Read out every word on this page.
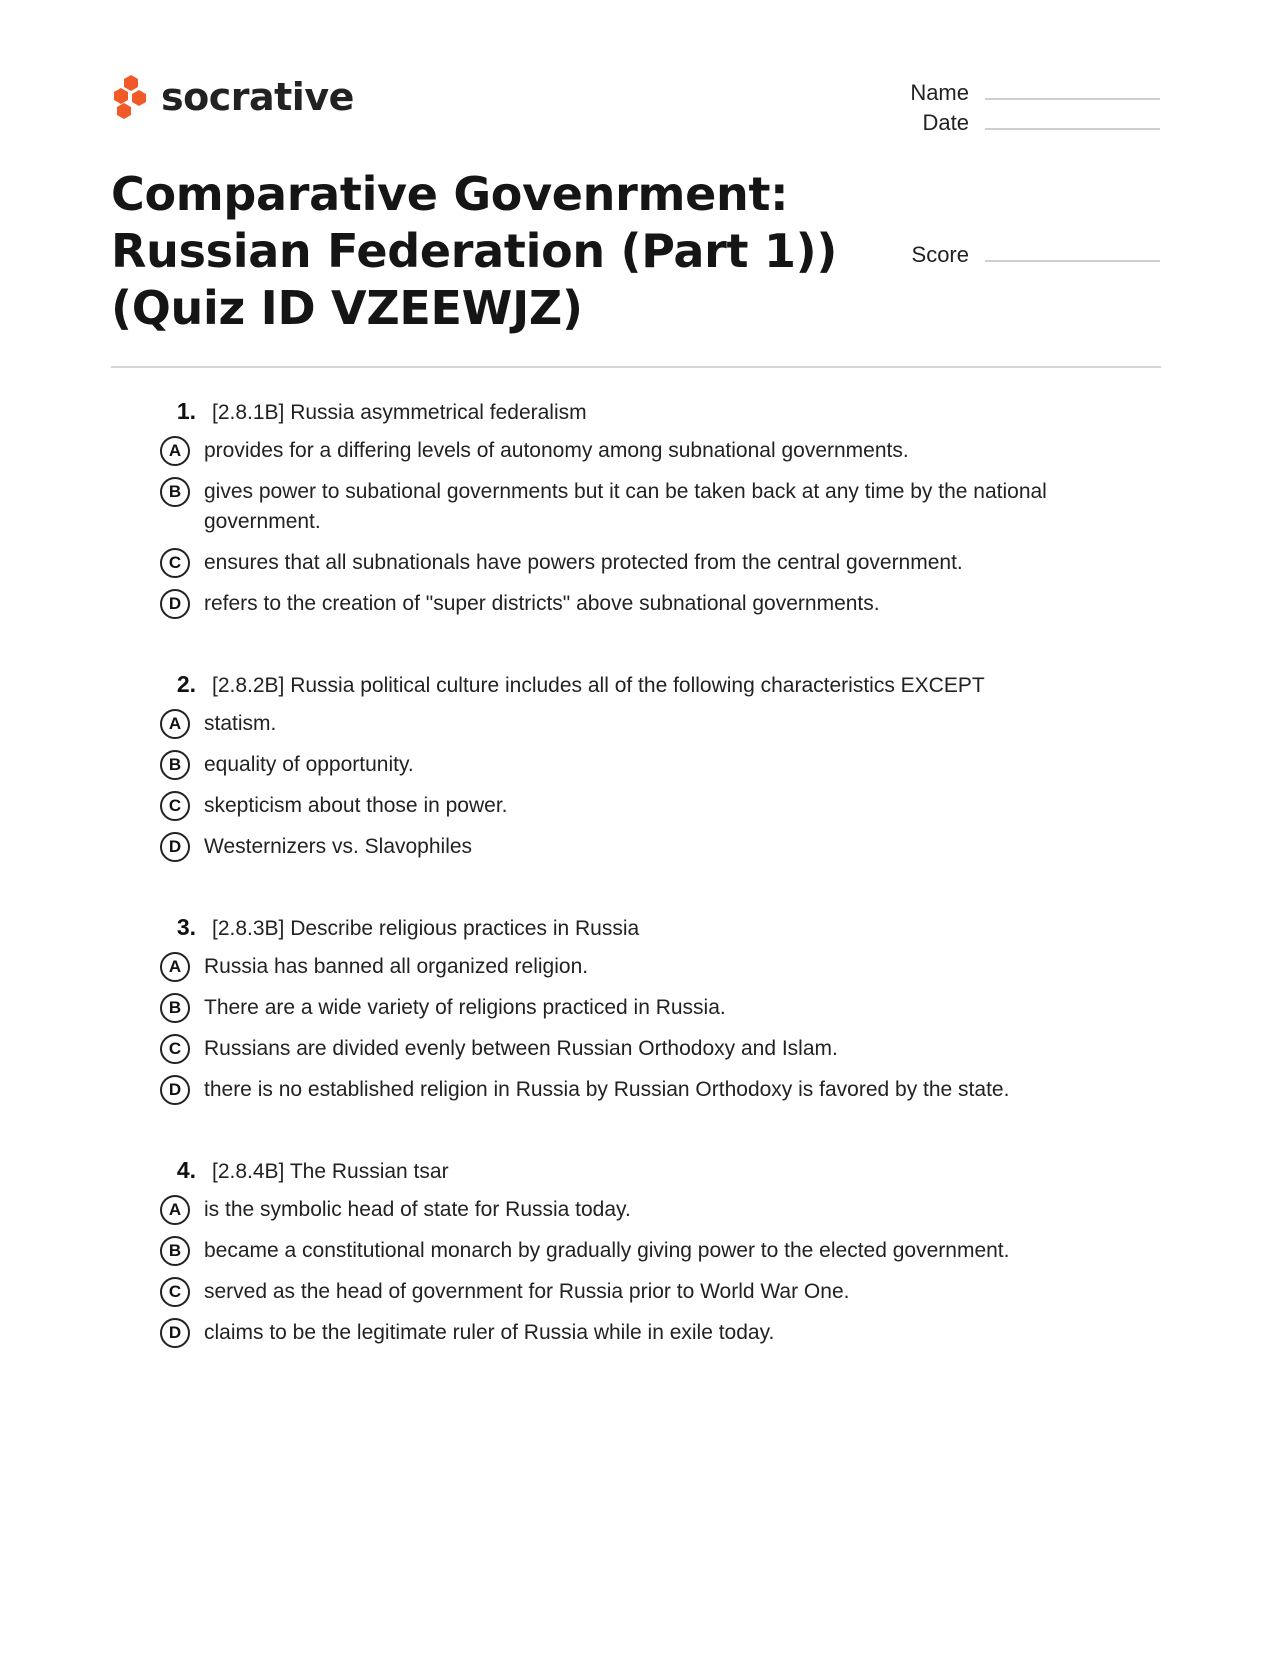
socrative	Name
Date
Comparative Govenrment: Russian Federation (Part 1)) (Quiz ID VZEEWJZ)
Score
1. [2.8.1B] Russia asymmetrical federalism
A	provides for a differing levels of autonomy among subnational governments.
B	gives power to subational governments but it can be taken back at any time by the national government.
C	ensures that all subnationals have powers protected from the central government.
D	refers to the creation of "super districts" above subnational governments.
2. [2.8.2B] Russia political culture includes all of the following characteristics EXCEPT
A	statism.
B	equality of opportunity.
C	skepticism about those in power.
D	Westernizers vs. Slavophiles
3. [2.8.3B] Describe religious practices in Russia
A	Russia has banned all organized religion.
B	There are a wide variety of religions practiced in Russia.
C	Russians are divided evenly between Russian Orthodoxy and Islam.
D	there is no established religion in Russia by Russian Orthodoxy is favored by the state.
4. [2.8.4B] The Russian tsar
A	is the symbolic head of state for Russia today.
B	became a constitutional monarch by gradually giving power to the elected government.
C	served as the head of government for Russia prior to World War One.
D	claims to be the legitimate ruler of Russia while in exile today.
